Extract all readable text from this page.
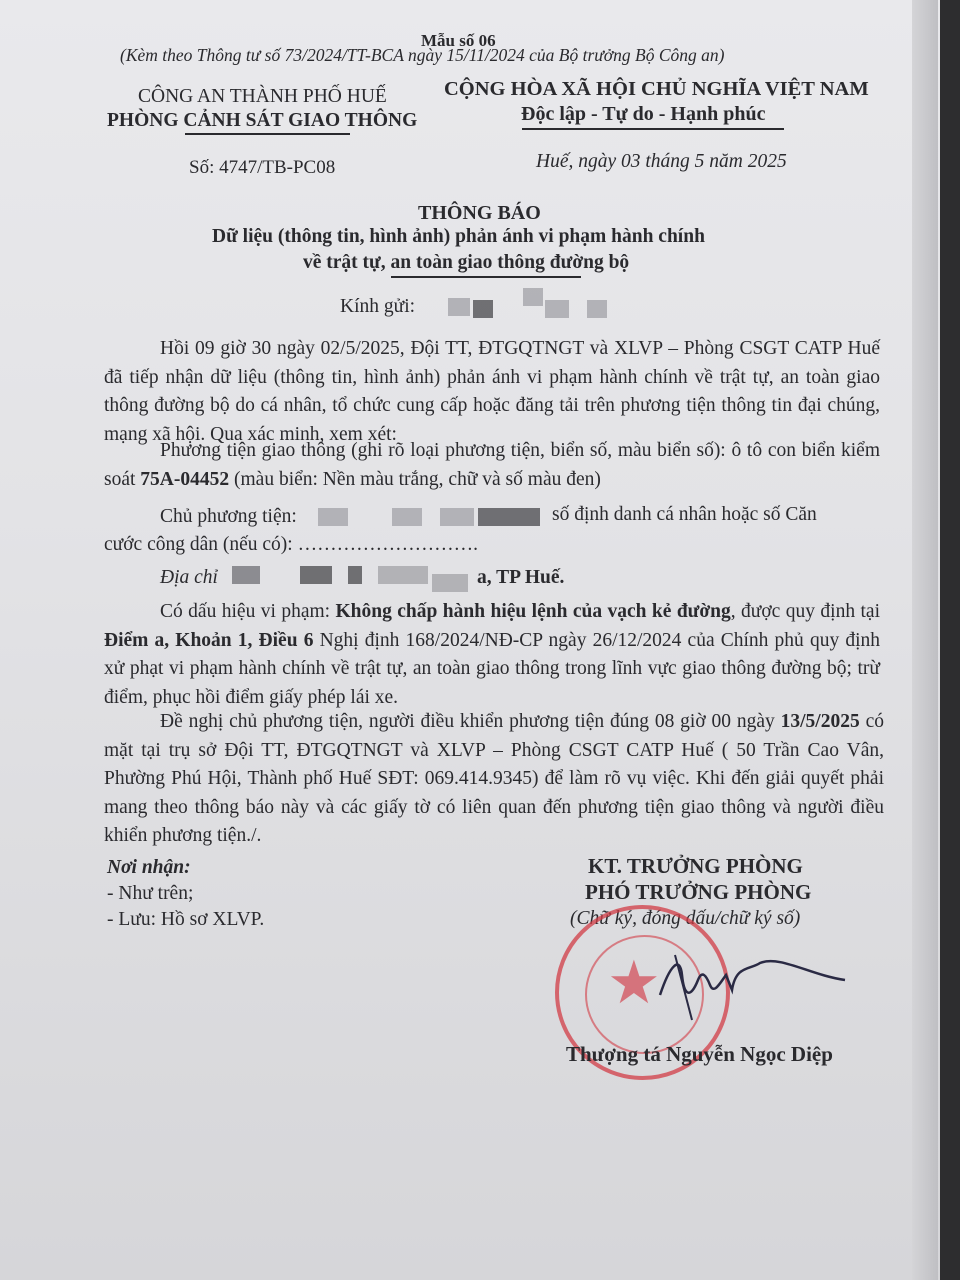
Mẫu số 06
(Kèm theo Thông tư số 73/2024/TT-BCA ngày 15/11/2024 của Bộ trưởng Bộ Công an)
CÔNG AN THÀNH PHỐ HUẾ
PHÒNG CẢNH SÁT GIAO THÔNG
CỘNG HÒA XÃ HỘI CHỦ NGHĨA VIỆT NAM
Độc lập - Tự do - Hạnh phúc
Số: 4747/TB-PC08	Huế, ngày 03 tháng 5 năm 2025
THÔNG BÁO
Dữ liệu (thông tin, hình ảnh) phản ánh vi phạm hành chính
về trật tự, an toàn giao thông đường bộ
Kính gửi:
Hồi 09 giờ 30 ngày 02/5/2025, Đội TT, ĐTGQTNGT và XLVP – Phòng CSGT CATP Huế đã tiếp nhận dữ liệu (thông tin, hình ảnh) phản ánh vi phạm hành chính về trật tự, an toàn giao thông đường bộ do cá nhân, tổ chức cung cấp hoặc đăng tải trên phương tiện thông tin đại chúng, mạng xã hội. Qua xác minh, xem xét:
Phương tiện giao thông (ghi rõ loại phương tiện, biển số, màu biển số): ô tô con biển kiểm soát 75A-04452 (màu biển: Nền màu trắng, chữ và số màu đen)
Chủ phương tiện:	số định danh cá nhân hoặc số Căn
cước công dân (nếu có): ……………………….
Địa chỉ	a, TP Huế.
Có dấu hiệu vi phạm: Không chấp hành hiệu lệnh của vạch kẻ đường, được quy định tại Điểm a, Khoản 1, Điều 6 Nghị định 168/2024/NĐ-CP ngày 26/12/2024 của Chính phủ quy định xử phạt vi phạm hành chính về trật tự, an toàn giao thông trong lĩnh vực giao thông đường bộ; trừ điểm, phục hồi điểm giấy phép lái xe.
Đề nghị chủ phương tiện, người điều khiển phương tiện đúng 08 giờ 00 ngày 13/5/2025 có mặt tại trụ sở Đội TT, ĐTGQTNGT và XLVP – Phòng CSGT CATP Huế ( 50 Trần Cao Vân, Phường Phú Hội, Thành phố Huế SĐT: 069.414.9345) để làm rõ vụ việc. Khi đến giải quyết phải mang theo thông báo này và các giấy tờ có liên quan đến phương tiện giao thông và người điều khiển phương tiện./.
Nơi nhận:
- Như trên;
- Lưu: Hồ sơ XLVP.
KT. TRƯỞNG PHÒNG
PHÓ TRƯỞNG PHÒNG
(Chữ ký, đóng dấu/chữ ký số)
★
Thượng tá Nguyễn Ngọc Diệp
